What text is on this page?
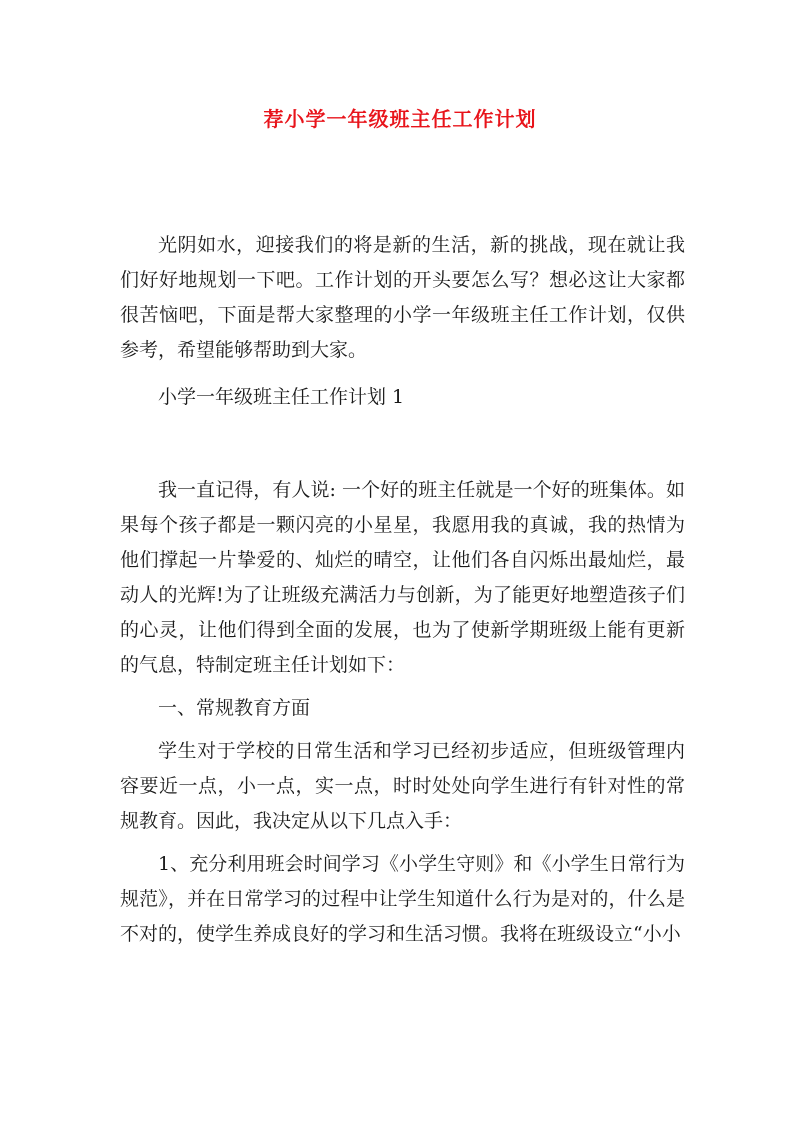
荐小学一年级班主任工作计划

光阴如水，迎接我们的将是新的生活，新的挑战，现在就让我们好好地规划一下吧。工作计划的开头要怎么写？想必这让大家都很苦恼吧，下面是帮大家整理的小学一年级班主任工作计划，仅供参考，希望能够帮助到大家。

小学一年级班主任工作计划 1

我一直记得，有人说: 一个好的班主任就是一个好的班集体。如果每个孩子都是一颗闪亮的小星星，我愿用我的真诚，我的热情为他们撑起一片挚爱的、灿烂的晴空，让他们各自闪烁出最灿烂，最动人的光辉!为了让班级充满活力与创新，为了能更好地塑造孩子们的心灵，让他们得到全面的发展，也为了使新学期班级上能有更新的气息，特制定班主任计划如下：

一、常规教育方面

学生对于学校的日常生活和学习已经初步适应，但班级管理内容要近一点，小一点，实一点，时时处处向学生进行有针对性的常规教育。因此，我决定从以下几点入手：

1、充分利用班会时间学习《小学生守则》和《小学生日常行为规范》，并在日常学习的过程中让学生知道什么行为是对的，什么是不对的，使学生养成良好的学习和生活习惯。我将在班级设立“小小
